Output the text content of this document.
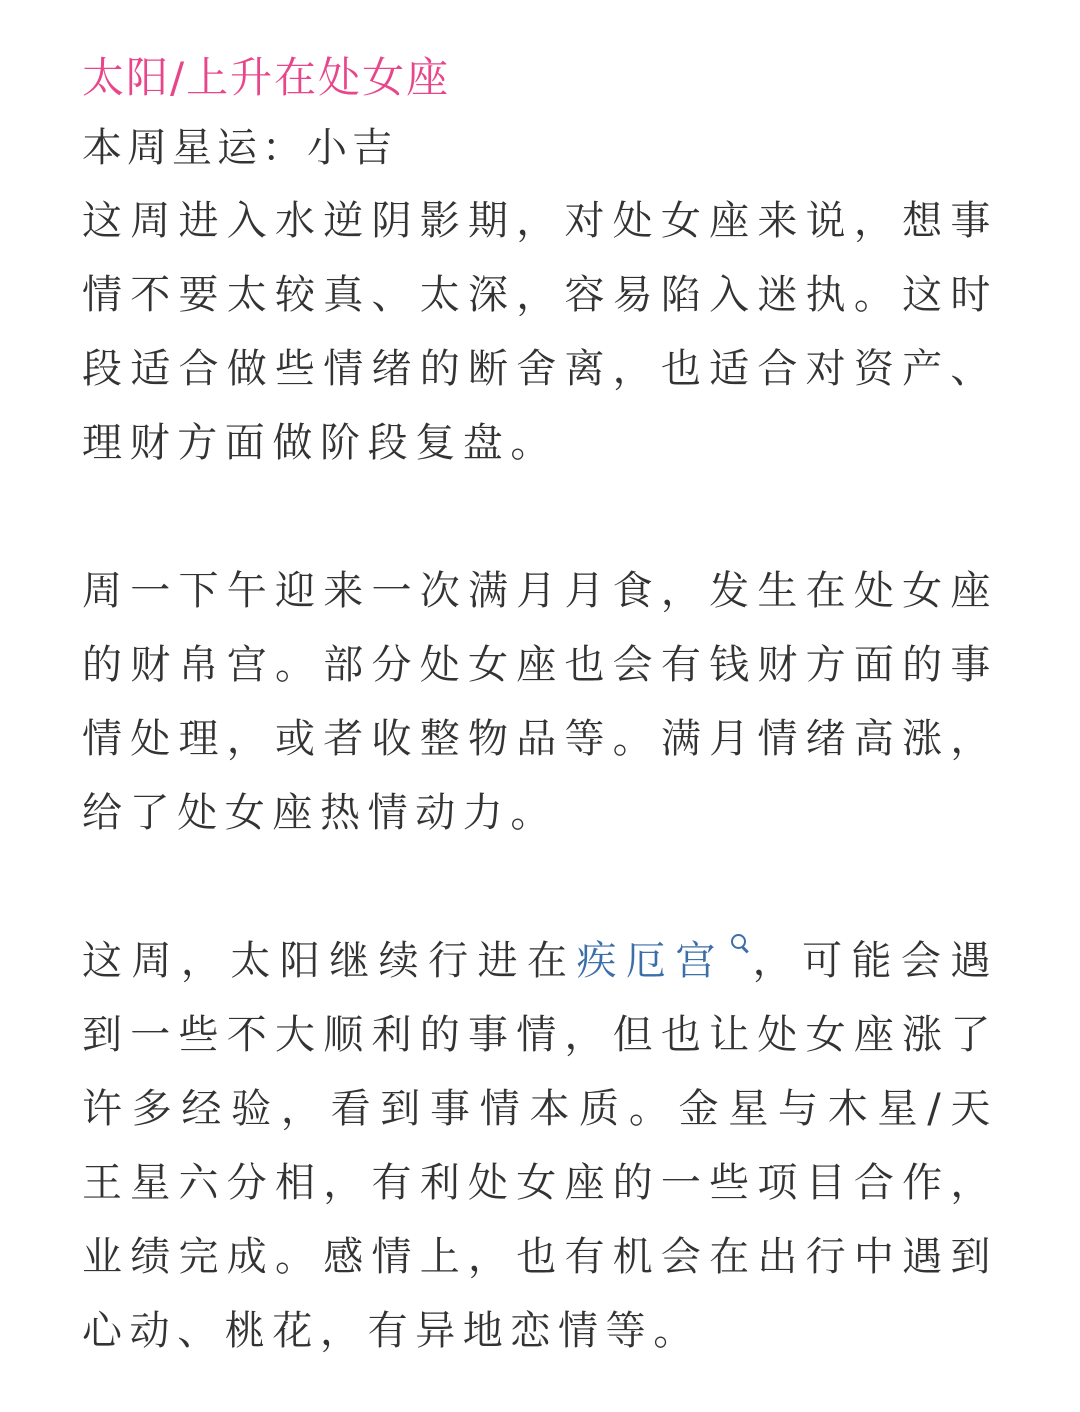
太阳/上升在处女座

本周星运：小吉

这周进入水逆阴影期，对处女座来说，想事情不要太较真、太深，容易陷入迷执。这时段适合做些情绪的断舍离，也适合对资产、理财方面做阶段复盘。

周一下午迎来一次满月月食，发生在处女座的财帛宫。部分处女座也会有钱财方面的事情处理，或者收整物品等。满月情绪高涨，给了处女座热情动力。

这周，太阳继续行进在疾厄宫 ，可能会遇到一些不大顺利的事情，但也让处女座涨了许多经验，看到事情本质。金星与木星/天王星六分相，有利处女座的一些项目合作，业绩完成。感情上，也有机会在出行中遇到心动、桃花，有异地恋情等。
